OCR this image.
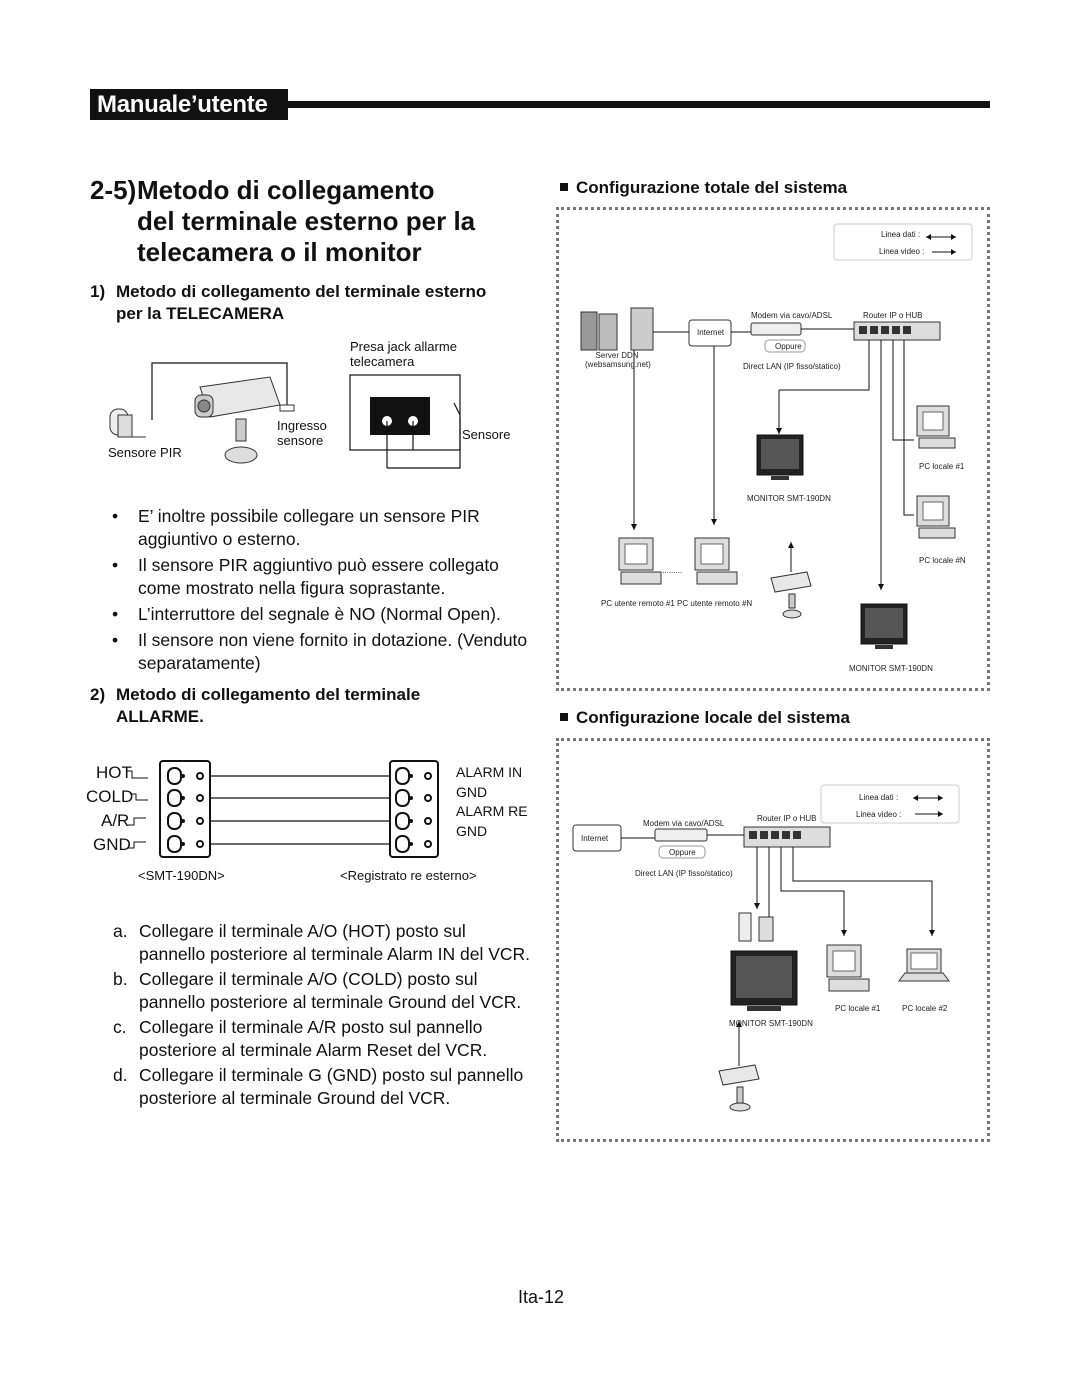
Manuale’utente
2-5) Metodo di collegamento
del terminale esterno per la
telecamera o il monitor
1) Metodo di collegamento del terminale esterno
per la TELECAMERA
Presa jack allarme
telecamera
Ingresso
sensore	Sensore
Sensore PIR
• E’ inoltre possibile collegare un sensore PIR
aggiuntivo o esterno.
• Il sensore PIR aggiuntivo può essere collegato
come mostrato nella figura soprastante.
• L’interruttore del segnale è NO (Normal Open).
• Il sensore non viene fornito in dotazione. (Venduto
separatamente)
2) Metodo di collegamento del terminale
ALLARME.
HOT
COLD
A/R
GND
ALARM IN
GND
ALARM RE
GND
<SMT-190DN>	<Registrato re esterno>
a. Collegare il terminale A/O (HOT) posto sul
pannello posteriore al terminale Alarm IN del VCR.
b. Collegare il terminale A/O (COLD) posto sul
pannello posteriore al terminale Ground del VCR.
c. Collegare il terminale A/R posto sul pannello
posteriore al terminale Alarm Reset del VCR.
d. Collegare il terminale G (GND) posto sul pannello
posteriore al terminale Ground del VCR.
Configurazione totale del sistema
Linea dati :
Linea video :
Modem via cavo/ADSL	Router IP o HUB
Internet
Oppure
Direct LAN (IP fisso/statico)
Server DDN
(websamsung.net)
PC locale #1
PC locale #N
MONITOR SMT-190DN
MONITOR SMT-190DN
PC utente remoto #1 PC utente remoto #N
..........
Configurazione locale del sistema
Linea dati :
Linea video :
Modem via cavo/ADSL
Router IP o HUB
Internet
Oppure
Direct LAN (IP fisso/statico)
PC locale #1	PC locale #2
MONITOR SMT-190DN
Ita-12
